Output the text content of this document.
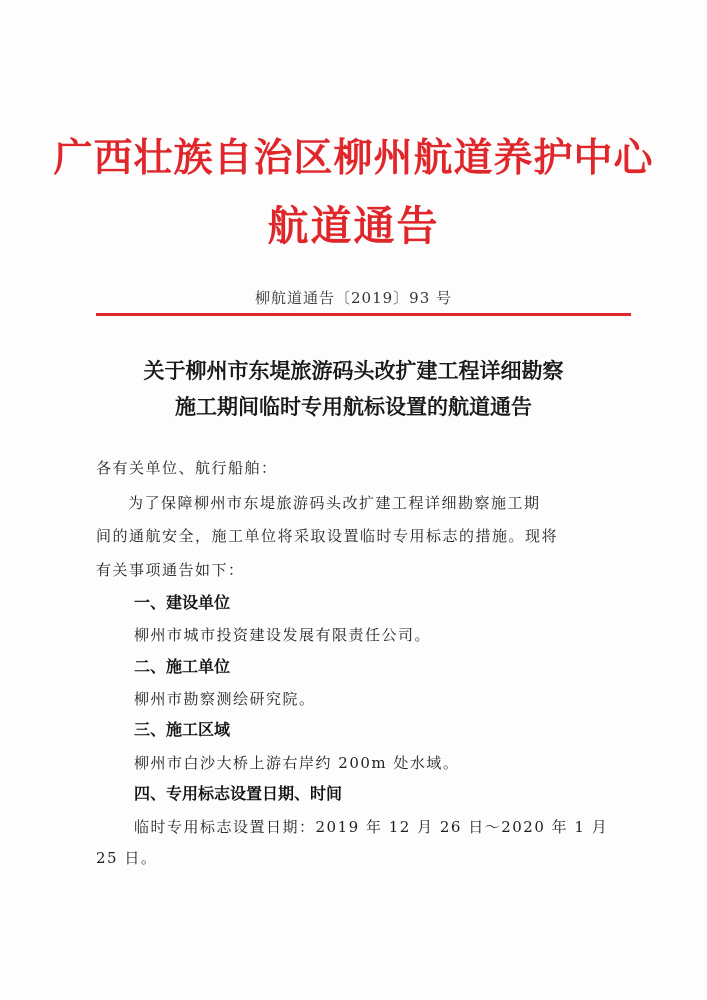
广西壮族自治区柳州航道养护中心
航道通告
柳航道通告〔2019〕93 号
关于柳州市东堤旅游码头改扩建工程详细勘察
施工期间临时专用航标设置的航道通告
各有关单位、航行船舶：
为了保障柳州市东堤旅游码头改扩建工程详细勘察施工期
间的通航安全，施工单位将采取设置临时专用标志的措施。现将
有关事项通告如下：
一、建设单位
柳州市城市投资建设发展有限责任公司。
二、施工单位
柳州市勘察测绘研究院。
三、施工区域
柳州市白沙大桥上游右岸约 200m 处水域。
四、专用标志设置日期、时间
临时专用标志设置日期：2019 年 12 月 26 日～2020 年 1 月
25 日。
